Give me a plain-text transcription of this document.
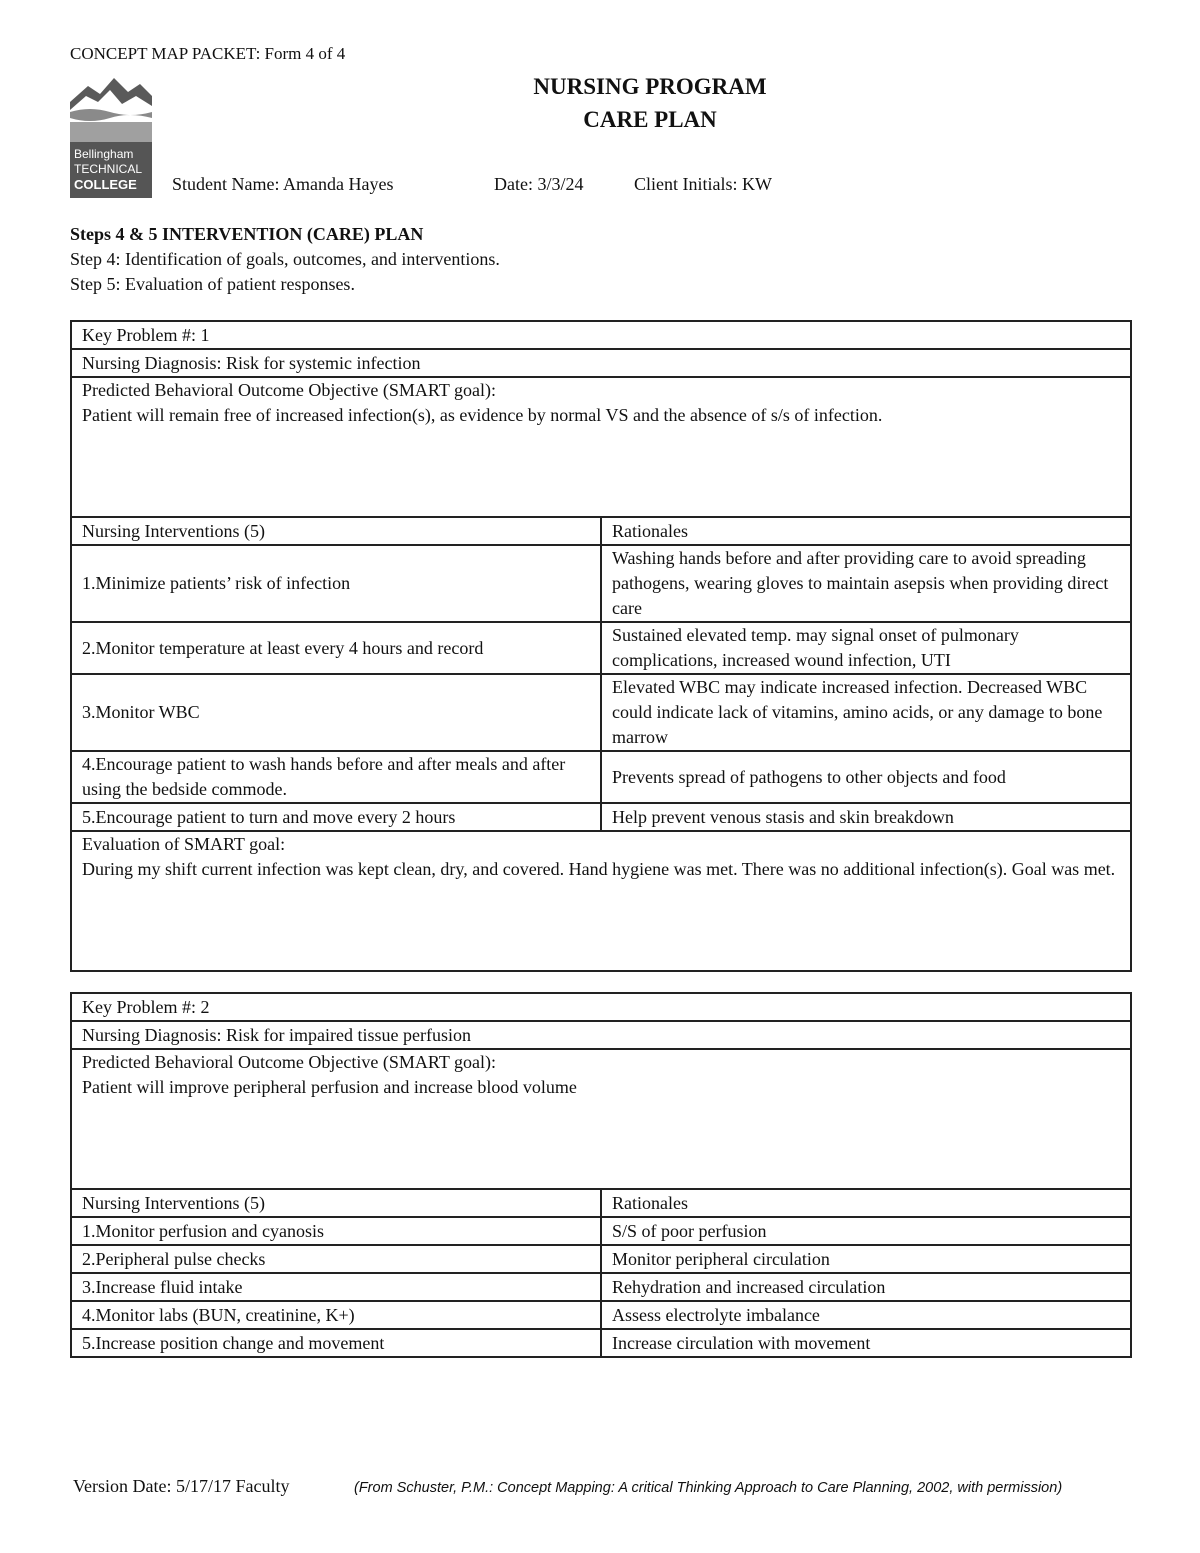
CONCEPT MAP PACKET: Form 4 of 4
Bellingham
TECHNICAL
COLLEGE
NURSING PROGRAM
CARE PLAN
Student Name: Amanda Hayes	Date: 3/3/24	Client Initials: KW
Steps 4 & 5 INTERVENTION (CARE) PLAN
Step 4: Identification of goals, outcomes, and interventions.
Step 5: Evaluation of patient responses.
Key Problem #: 1	
Nursing Diagnosis: Risk for systemic infection	

Predicted Behavioral Outcome Objective (SMART goal):
Patient will remain free of increased infection(s), as evidence by normal VS and the absence of s/s of infection.	

Nursing Interventions (5)	Rationales
1.Minimize patients’ risk of infection	Washing hands before and after providing care to avoid spreading pathogens, wearing gloves to maintain asepsis when providing direct care
2.Monitor temperature at least every 4 hours and record	Sustained elevated temp. may signal onset of pulmonary complications, increased wound infection, UTI
3.Monitor WBC	Elevated WBC may indicate increased infection. Decreased WBC could indicate lack of vitamins, amino acids, or any damage to bone marrow
4.Encourage patient to wash hands before and after meals and after using the bedside commode.	Prevents spread of pathogens to other objects and food
5.Encourage patient to turn and move every 2 hours	Help prevent venous stasis and skin breakdown

Evaluation of SMART goal:
During my shift current infection was kept clean, dry, and covered. Hand hygiene was met. There was no additional infection(s). Goal was met.	
Key Problem #: 2	
Nursing Diagnosis: Risk for impaired tissue perfusion	

Predicted Behavioral Outcome Objective (SMART goal):
Patient will improve peripheral perfusion and increase blood volume	

Nursing Interventions (5)	Rationales
1.Monitor perfusion and cyanosis	S/S of poor perfusion
2.Peripheral pulse checks	Monitor peripheral circulation
3.Increase fluid intake	Rehydration and increased circulation
4.Monitor labs (BUN, creatinine, K+)	Assess electrolyte imbalance
5.Increase position change and movement	Increase circulation with movement
Version Date: 5/17/17 Faculty	(From Schuster, P.M.: Concept Mapping: A critical Thinking Approach to Care Planning, 2002, with permission)
